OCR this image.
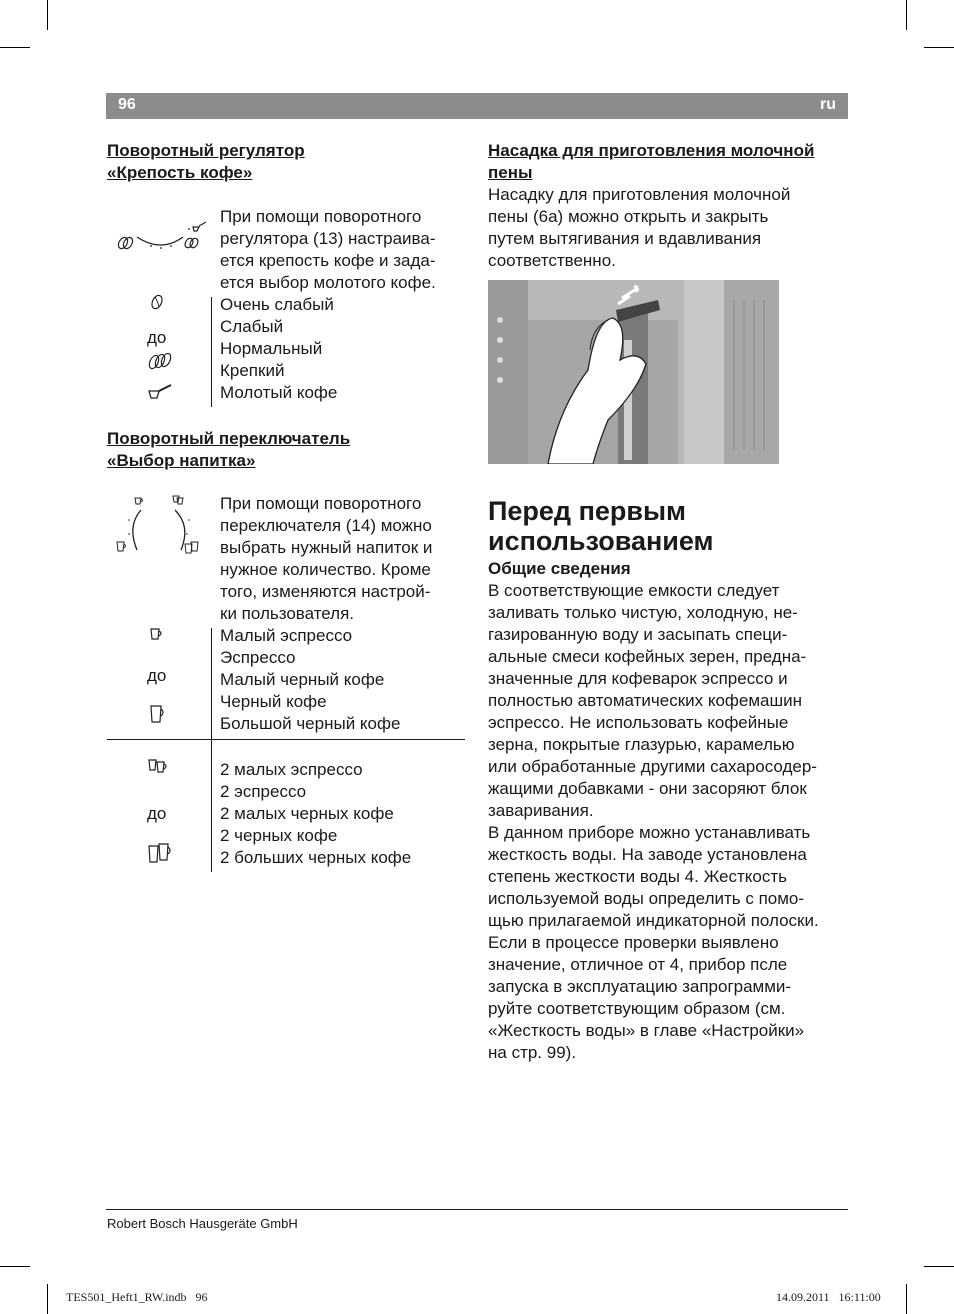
96	ru

Поворотный регулятор

«Крепость кофе»

При помощи поворотного

регулятора (13) настраива-

ется крепость кофе и зада-

ется выбор молотого кофе.

до
Очень слабый
Слабый
Нормальный
Крепкий
Молотый кофе

Поворотный переключатель

«Выбор напитка»

При помощи поворотного

переключателя (14) можно

выбрать нужный напиток и

нужное количество. Кроме

того, изменяются настрой-

ки пользователя.

до
Малый эспрессо
Эспрессо
Малый черный кофе
Черный кофе
Большой черный кофе
до
2 малых эспрессо
2 эспрессо
2 малых черных кофе
2 черных кофе
2 больших черных кофе

Насадка для приготовления молочной

пены

Насадку для приготовления молочной

пены (6a) можно открыть и закрыть

путем вытягивания и вдавливания

соответственно.

Перед первым

использованием

Общие сведения

В соответствующие емкости следует

заливать только чистую, холодную, не-

газированную воду и засыпать специ-

альные смеси кофейных зерен, предна-

значенные для кофеварок эспрессо и

полностью автоматических кофемашин

эспрессо. Не использовать кофейные

зерна, покрытые глазурью, карамелью

или обработанные другими сахаросодер-

жащими добавками - они засоряют блок

заваривания.

В данном приборе можно устанавливать

жесткость воды. На заводе установлена

степень жесткости воды 4. Жесткость

используемой воды определить с помо-

щью прилагаемой индикаторной полоски.

Если в процессе проверки выявлено

значение, отличное от 4, прибор псле

запуска в эксплуатацию запрограмми-

руйте соответствующим образом (см.

«Жесткость воды» в главе «Настройки»

на стр. 99).

Robert Bosch Hausgeräte GmbH
TES501_Heft1_RW.indb   96	14.09.2011   16:11:00
